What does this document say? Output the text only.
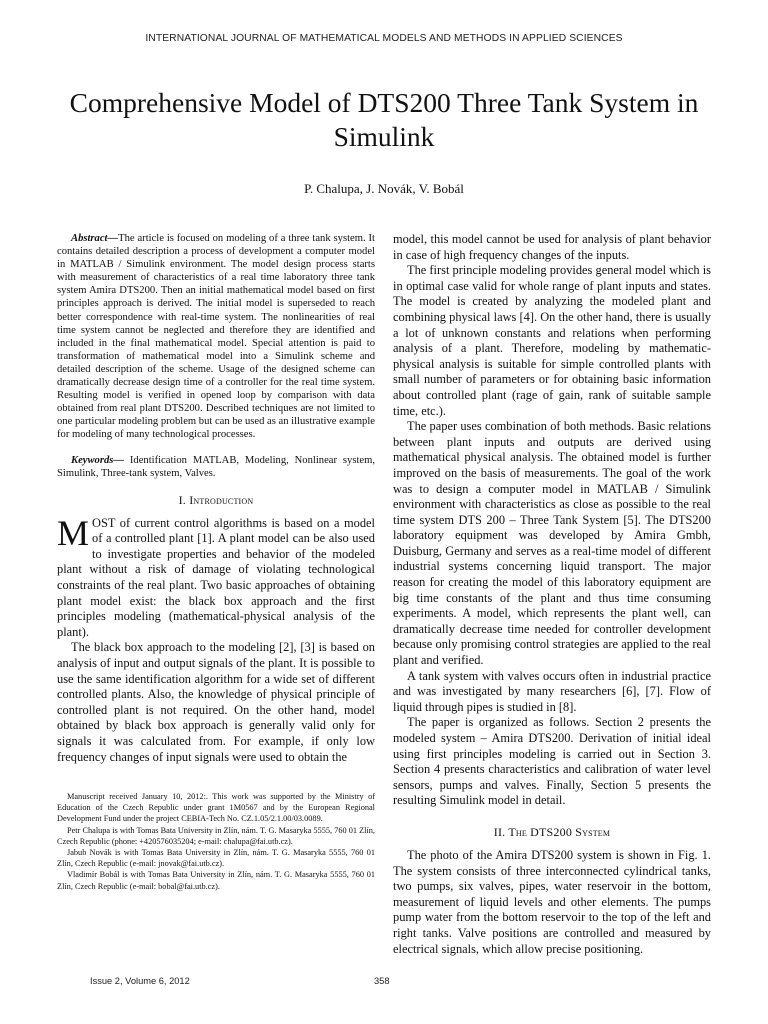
INTERNATIONAL JOURNAL OF MATHEMATICAL MODELS AND METHODS IN APPLIED SCIENCES
Comprehensive Model of DTS200 Three Tank System in Simulink
P. Chalupa, J. Novák, V. Bobál

Abstract—The article is focused on modeling of a three tank system. It contains detailed description a process of development a computer model in MATLAB / Simulink environment. The model design process starts with measurement of characteristics of a real time laboratory three tank system Amira DTS200. Then an initial mathematical model based on first principles approach is derived. The initial model is superseded to reach better correspondence with real-time system. The nonlinearities of real time system cannot be neglected and therefore they are identified and included in the final mathematical model. Special attention is paid to transformation of mathematical model into a Simulink scheme and detailed description of the scheme. Usage of the designed scheme can dramatically decrease design time of a controller for the real time system. Resulting model is verified in opened loop by comparison with data obtained from real plant DTS200. Described techniques are not limited to one particular modeling problem but can be used as an illustrative example for modeling of many technological processes.

Keywords— Identification MATLAB, Modeling, Nonlinear system, Simulink, Three-tank system, Valves.

I. Introduction

MOST of current control algorithms is based on a model of a controlled plant [1]. A plant model can be also used to investigate properties and behavior of the modeled plant without a risk of damage of violating technological constraints of the real plant. Two basic approaches of obtaining plant model exist: the black box approach and the first principles modeling (mathematical-physical analysis of the plant).

The black box approach to the modeling [2], [3] is based on analysis of input and output signals of the plant. It is possible to use the same identification algorithm for a wide set of different controlled plants. Also, the knowledge of physical principle of controlled plant is not required. On the other hand, model obtained by black box approach is generally valid only for signals it was calculated from. For example, if only low frequency changes of input signals were used to obtain the

Manuscript received January 10, 2012:. This work was supported by the Ministry of Education of the Czech Republic under grant 1M0567 and by the European Regional Development Fund under the project CEBIA-Tech No. CZ.1.05/2.1.00/03.0089.

Petr Chalupa is with Tomas Bata University in Zlín, nám. T. G. Masaryka 5555, 760 01 Zlín, Czech Republic (phone: +420576035204; e-mail: chalupa@fai.utb.cz).

Jabub Novák is with Tomas Bata University in Zlín, nám. T. G. Masaryka 5555, 760 01 Zlín, Czech Republic (e-mail: jnovak@fai.utb.cz).

Vladimír Bobál is with Tomas Bata University in Zlín, nám. T. G. Masaryka 5555, 760 01 Zlín, Czech Republic (e-mail: bobal@fai.utb.cz).

model, this model cannot be used for analysis of plant behavior in case of high frequency changes of the inputs.

The first principle modeling provides general model which is in optimal case valid for whole range of plant inputs and states. The model is created by analyzing the modeled plant and combining physical laws [4]. On the other hand, there is usually a lot of unknown constants and relations when performing analysis of a plant. Therefore, modeling by mathematic-physical analysis is suitable for simple controlled plants with small number of parameters or for obtaining basic information about controlled plant (rage of gain, rank of suitable sample time, etc.).

The paper uses combination of both methods. Basic relations between plant inputs and outputs are derived using mathematical physical analysis. The obtained model is further improved on the basis of measurements. The goal of the work was to design a computer model in MATLAB / Simulink environment with characteristics as close as possible to the real time system DTS 200 – Three Tank System [5]. The DTS200 laboratory equipment was developed by Amira Gmbh, Duisburg, Germany and serves as a real-time model of different industrial systems concerning liquid transport. The major reason for creating the model of this laboratory equipment are big time constants of the plant and thus time consuming experiments. A model, which represents the plant well, can dramatically decrease time needed for controller development because only promising control strategies are applied to the real plant and verified.

A tank system with valves occurs often in industrial practice and was investigated by many researchers [6], [7]. Flow of liquid through pipes is studied in [8].

The paper is organized as follows. Section 2 presents the modeled system – Amira DTS200. Derivation of initial ideal using first principles modeling is carried out in Section 3. Section 4 presents characteristics and calibration of water level sensors, pumps and valves. Finally, Section 5 presents the resulting Simulink model in detail.

II. The DTS200 System

The photo of the Amira DTS200 system is shown in Fig. 1. The system consists of three interconnected cylindrical tanks, two pumps, six valves, pipes, water reservoir in the bottom, measurement of liquid levels and other elements. The pumps pump water from the bottom reservoir to the top of the left and right tanks. Valve positions are controlled and measured by electrical signals, which allow precise positioning.

Issue 2, Volume 6, 2012	358
